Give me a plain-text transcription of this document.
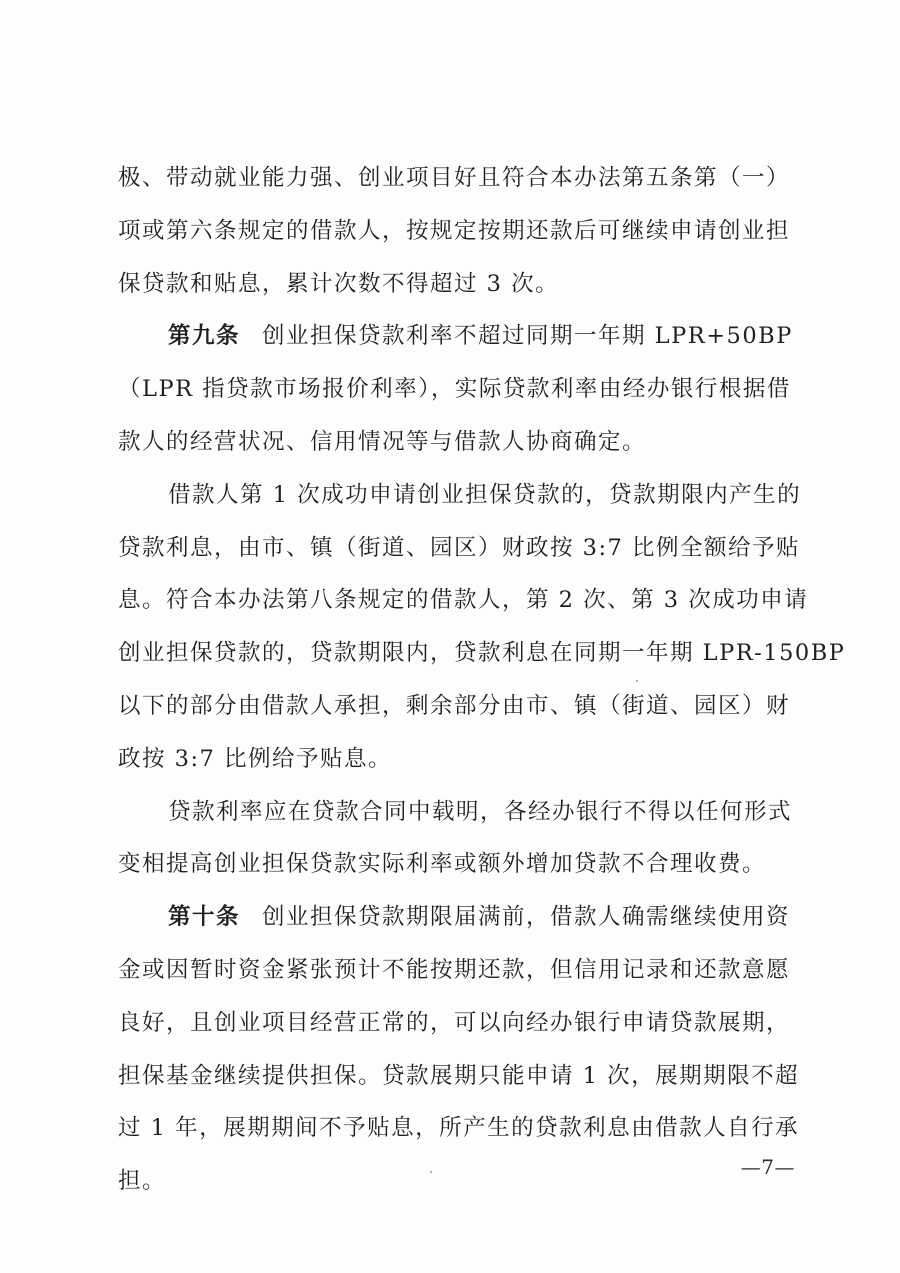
极、带动就业能力强、创业项目好且符合本办法第五条第（一）
项或第六条规定的借款人，按规定按期还款后可继续申请创业担
保贷款和贴息，累计次数不得超过 3 次。
第九条 创业担保贷款利率不超过同期一年期 LPR+50BP
（LPR 指贷款市场报价利率），实际贷款利率由经办银行根据借
款人的经营状况、信用情况等与借款人协商确定。
借款人第 1 次成功申请创业担保贷款的，贷款期限内产生的
贷款利息，由市、镇（街道、园区）财政按 3:7 比例全额给予贴
息。符合本办法第八条规定的借款人，第 2 次、第 3 次成功申请
创业担保贷款的，贷款期限内，贷款利息在同期一年期 LPR-150BP
以下的部分由借款人承担，剩余部分由市、镇（街道、园区）财
政按 3:7 比例给予贴息。
贷款利率应在贷款合同中载明，各经办银行不得以任何形式
变相提高创业担保贷款实际利率或额外增加贷款不合理收费。
第十条 创业担保贷款期限届满前，借款人确需继续使用资
金或因暂时资金紧张预计不能按期还款，但信用记录和还款意愿
良好，且创业项目经营正常的，可以向经办银行申请贷款展期，
担保基金继续提供担保。贷款展期只能申请 1 次，展期期限不超
过 1 年，展期期间不予贴息，所产生的贷款利息由借款人自行承
担。
—7—
